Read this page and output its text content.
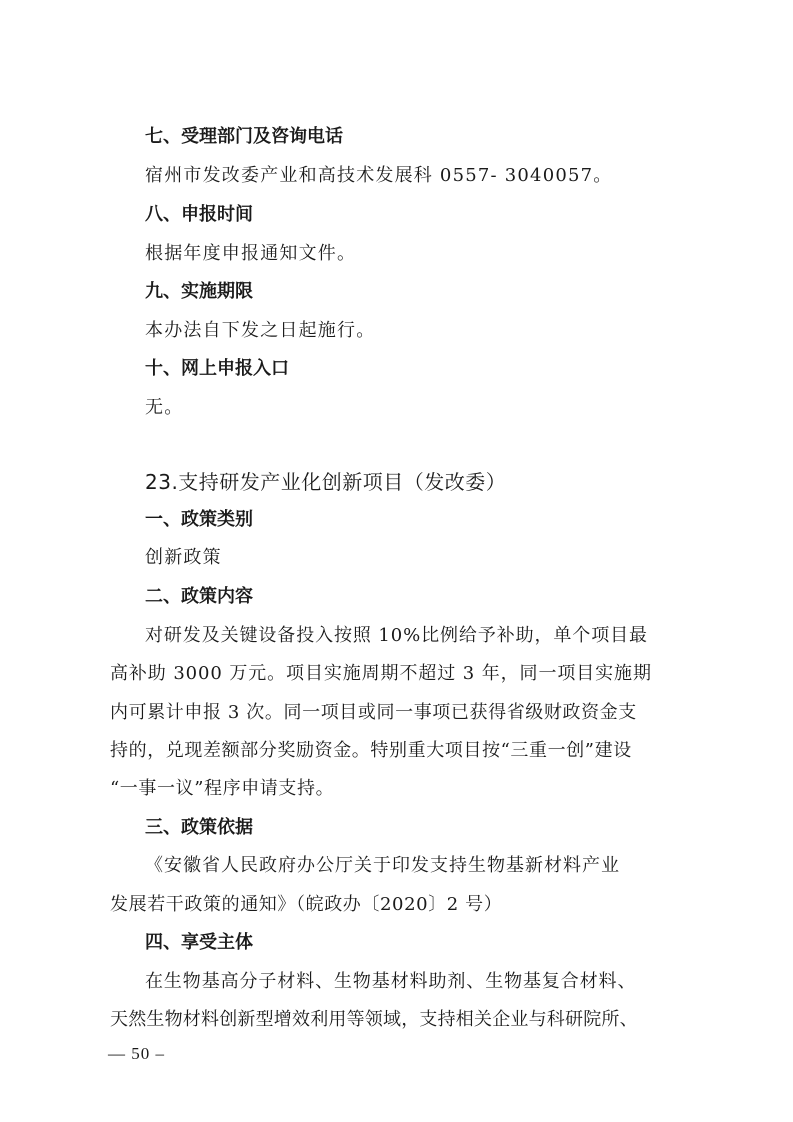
七、受理部门及咨询电话
宿州市发改委产业和高技术发展科 0557- 3040057。
八、申报时间
根据年度申报通知文件。
九、实施期限
本办法自下发之日起施行。
十、网上申报入口
无。
23.支持研发产业化创新项目（发改委）
一、政策类别
创新政策
二、政策内容
对研发及关键设备投入按照 10%比例给予补助，单个项目最
高补助 3000 万元。项目实施周期不超过 3 年，同一项目实施期
内可累计申报 3 次。同一项目或同一事项已获得省级财政资金支
持的，兑现差额部分奖励资金。特别重大项目按“三重一创”建设
“一事一议”程序申请支持。
三、政策依据
《安徽省人民政府办公厅关于印发支持生物基新材料产业
发展若干政策的通知》（皖政办〔2020〕2 号）
四、享受主体
在生物基高分子材料、生物基材料助剂、生物基复合材料、
天然生物材料创新型增效利用等领域，支持相关企业与科研院所、
— 50 –
